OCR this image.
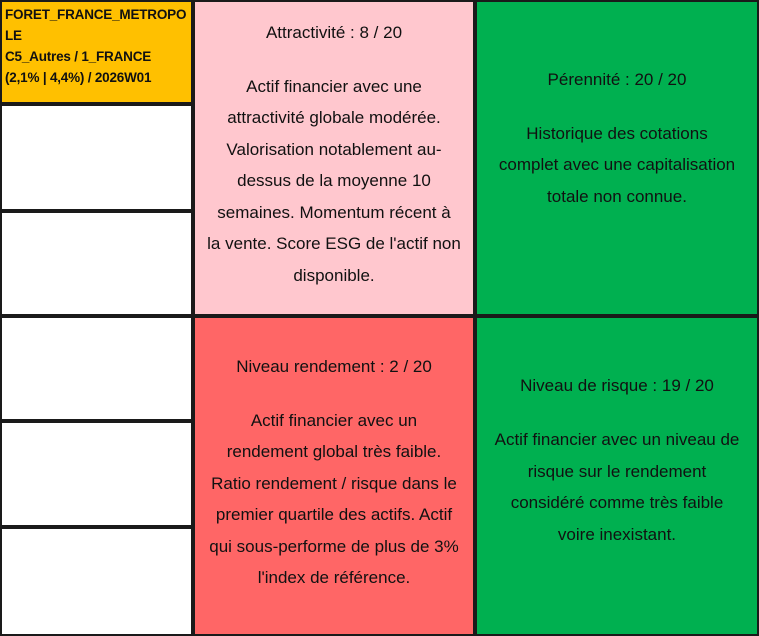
FORET_FRANCE_METROPO
LE
C5_Autres / 1_FRANCE
(2,1% | 4,4%) / 2026W01
Attractivité : 8 / 20
Actif financier avec une
attractivité globale modérée.
Valorisation notablement au-
dessus de la moyenne 10
semaines. Momentum récent à
la vente. Score ESG de l'actif non
disponible.
Pérennité : 20 / 20
Historique des cotations
complet avec une capitalisation
totale non connue.
Niveau rendement : 2 / 20
Actif financier avec un
rendement global très faible.
Ratio rendement / risque dans le
premier quartile des actifs. Actif
qui sous-performe de plus de 3%
l'index de référence.
Niveau de risque : 19 / 20
Actif financier avec un niveau de
risque sur le rendement
considéré comme très faible
voire inexistant.
